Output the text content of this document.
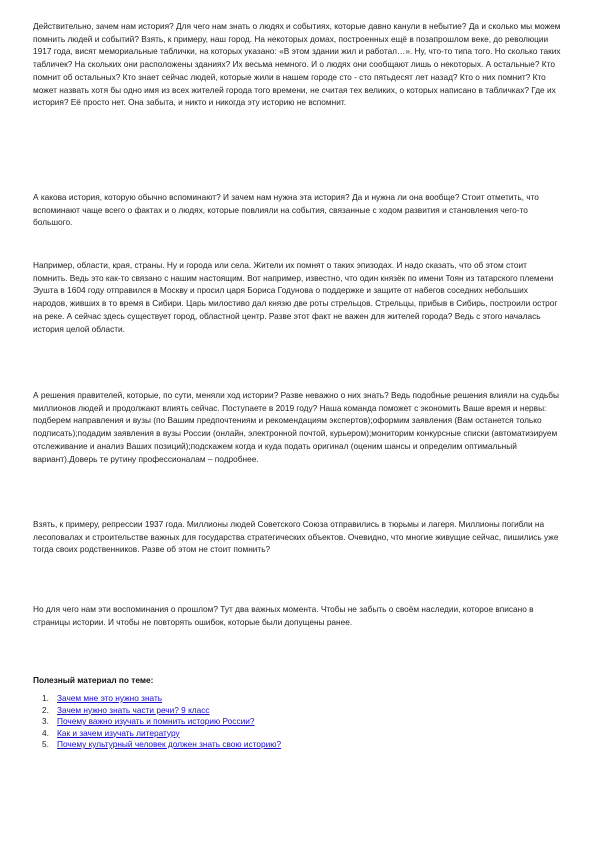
Действительно, зачем нам история? Для чего нам знать о людях и событиях, которые давно канули в небытие? Да и сколько мы можем помнить людей и событий? Взять, к примеру, наш город. На некоторых домах, построенных ещё в позапрошлом веке, до революции 1917 года, висят мемориальные таблички, на которых указано: «В этом здании жил и работал…». Ну, что-то типа того. Но сколько таких табличек? На скольких они расположены зданиях? Их весьма немного. И о людях они сообщают лишь о некоторых. А остальные? Кто помнит об остальных? Кто знает сейчас людей, которые жили в нашем городе сто - сто пятьдесят лет назад? Кто о них помнит? Кто может назвать хотя бы одно имя из всех жителей города того времени, не считая тех великих, о которых написано в табличках? Где их история? Её просто нет. Она забыта, и никто и никогда эту историю не вспомнит.

А какова история, которую обычно вспоминают? И зачем нам нужна эта история? Да и нужна ли она вообще? Стоит отметить, что вспоминают чаще всего о фактах и о людях, которые повлияли на события, связанные с ходом развития и становления чего-то большого.

Например, области, края, страны. Ну и города или села. Жители их помнят о таких эпизодах. И надо сказать, что об этом стоит помнить. Ведь это как-то связано с нашим настоящим. Вот например, известно, что один князёк по имени Тоян из татарского племени Эушта в 1604 году отправился в Москву и просил царя Бориса Годунова о поддержке и защите от набегов соседних небольших народов, живших в то время в Сибири. Царь милостиво дал князю две роты стрельцов. Стрельцы, прибыв в Сибирь, построили острог на реке. А сейчас здесь существует город, областной центр. Разве этот факт не важен для жителей города? Ведь с этого началась история целой области.

А решения правителей, которые, по сути, меняли ход истории? Разве неважно о них знать? Ведь подобные решения влияли на судьбы миллионов людей и продолжают влиять сейчас. Поступаете в 2019 году? Наша команда поможет с экономить Ваше время и нервы: подберем направления и вузы (по Вашим предпочтениям и рекомендациям экспертов);оформим заявления (Вам останется только подписать);подадим заявления в вузы России (онлайн, электронной почтой, курьером);мониторим конкурсные списки (автоматизируем отслеживание и анализ Ваших позиций);подскажем когда и куда подать оригинал (оценим шансы и определим оптимальный вариант).Доверь те рутину профессионалам – подробнее.

Взять, к примеру, репрессии 1937 года. Миллионы людей Советского Союза отправились в тюрьмы и лагеря. Миллионы погибли на лесоповалах и строительстве важных для государства стратегических объектов. Очевидно, что многие живущие сейчас, пишились уже тогда своих родственников. Разве об этом не стоит помнить?

Но для чего нам эти воспоминания о прошлом? Тут два важных момента. Чтобы не забыть о своём наследии, которое вписано в страницы истории. И чтобы не повторять ошибок, которые были допущены ранее.

Полезный материал по теме:

1. Зачем мне это нужно знать
2. Зачем нужно знать части речи? 9 класс
3. Почему важно изучать и помнить историю России?
4. Как и зачем изучать литературу
5. Почему культурный человек должен знать свою историю?
